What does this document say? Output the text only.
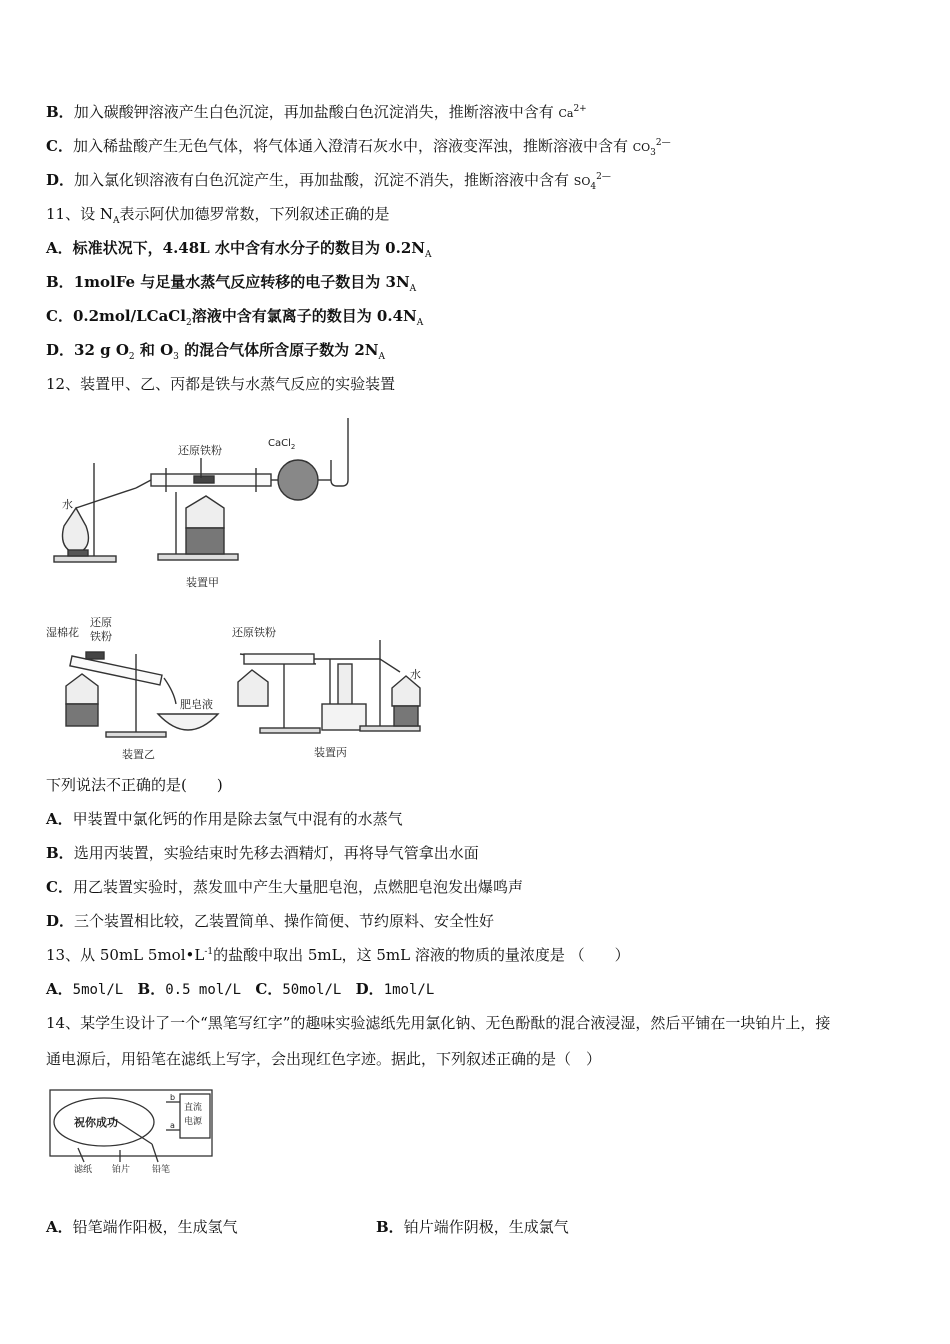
B．加入碳酸钾溶液产生白色沉淀，再加盐酸白色沉淀消失，推断溶液中含有 $Ca^{2+}$
C．加入稀盐酸产生无色气体，将气体通入澄清石灰水中，溶液变浑浊，推断溶液中含有 $CO_3^{2—}$
D．加入氯化钡溶液有白色沉淀产生，再加盐酸，沉淀不消失，推断溶液中含有 $SO_4^{2—}$
11、设 $N_A$表示阿伏加德罗常数，下列叙述正确的是
A．标准状况下，4.48L 水中含有水分子的数目为 $0.2N_A$
B．1molFe 与足量水蒸气反应转移的电子数目为 $3N_A$
C．0.2mol/LCaCl$_2$溶液中含有氯离子的数目为 $0.4N_A$
D．32 g $O_2$ 和 $O_3$ 的混合气体所含原子数为 $2N_A$
12、装置甲、乙、丙都是铁与水蒸气反应的实验装置
还原铁粉
CaCl$_2$
水
装置甲
湿棉花
还原
铁粉
肥皂液
装置乙
还原铁粉
水
装置丙
下列说法不正确的是(　　)
A．甲装置中氯化钙的作用是除去氢气中混有的水蒸气
B．选用丙装置，实验结束时先移去酒精灯，再将导气管拿出水面
C．用乙装置实验时，蒸发皿中产生大量肥皂泡，点燃肥皂泡发出爆鸣声
D．三个装置相比较，乙装置简单、操作简便、节约原料、安全性好
13、从 50mL $5mol•L^{-1}$的盐酸中取出 5mL，这 5mL 溶液的物质的量浓度是 （　　）
A．5mol/L B．0.5 mol/L C．50mol/L D．1mol/L
14、某学生设计了一个“黑笔写红字”的趣味实验滤纸先用氯化钠、无色酚酞的混合液浸湿，然后平铺在一块铂片上，接
通电源后，用铅笔在滤纸上写字，会出现红色字迹。据此，下列叙述正确的是（　）
祝你成功
直流
电源
b
a
滤纸 铂片 铅笔
A．铅笔端作阳极，生成氢气	B．铂片端作阴极，生成氯气
